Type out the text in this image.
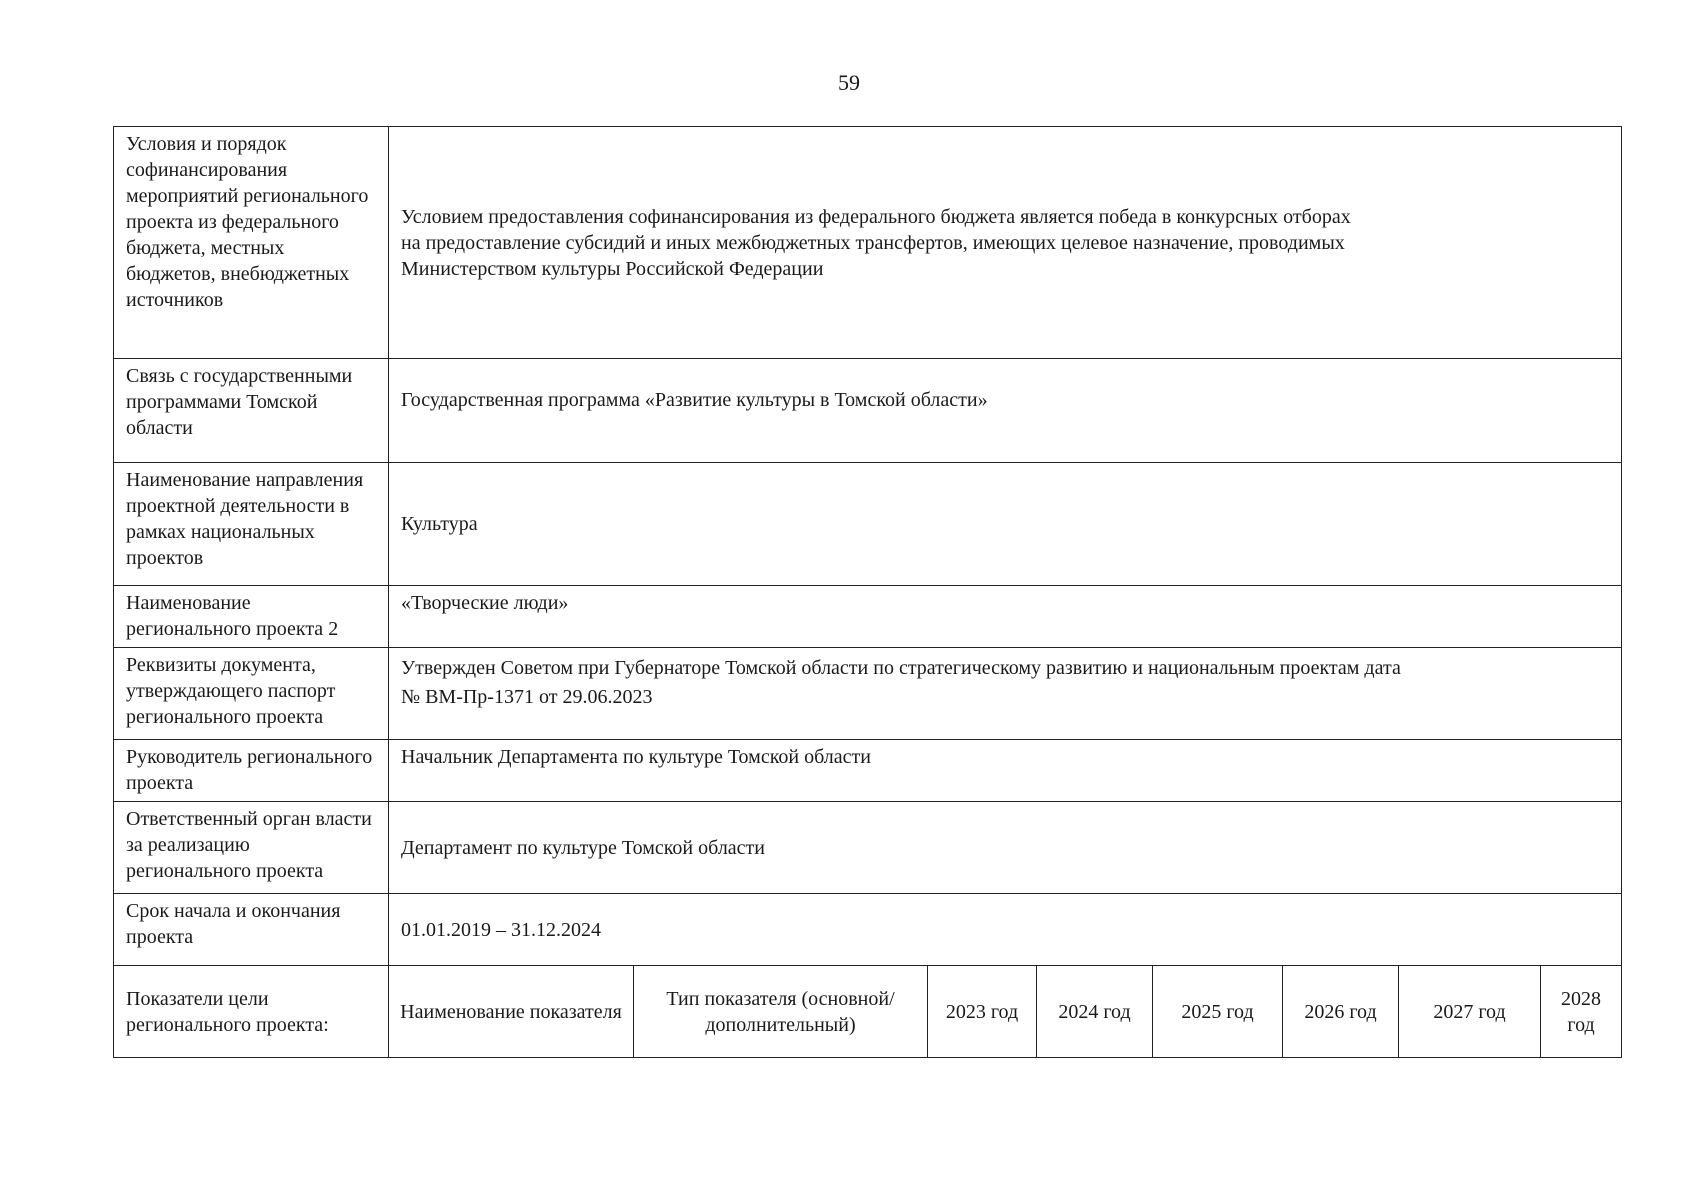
59
Условия и порядок софинансирования мероприятий регионального проекта из федерального бюджета, местных бюджетов, внебюджетных источников	Условием предоставления софинансирования из федерального бюджета является победа в конкурсных отборах
на предоставление субсидий и иных межбюджетных трансфертов, имеющих целевое назначение, проводимых
Министерством культуры Российской Федерации							

Связь с государственными программами Томской области	Государственная программа «Развитие культуры в Томской области»							
Наименование направления проектной деятельности в рамках национальных проектов	Культура							
Наименование регионального проекта 2	«Творческие люди»							
Реквизиты документа, утверждающего паспорт регионального проекта	Утвержден Советом при Губернаторе Томской области по стратегическому развитию и национальным проектам дата
№ ВМ-Пр-1371 от 29.06.2023							

Руководитель регионального проекта	Начальник Департамента по культуре Томской области							
Ответственный орган власти за реализацию регионального проекта	Департамент по культуре Томской области							
Срок начала и окончания проекта	01.01.2019 – 31.12.2024							
Показатели цели регионального проекта:	Наименование показателя	Тип показателя (основной/дополнительный)	2023 год	2024 год	2025 год	2026 год	2027 год	2028 год
